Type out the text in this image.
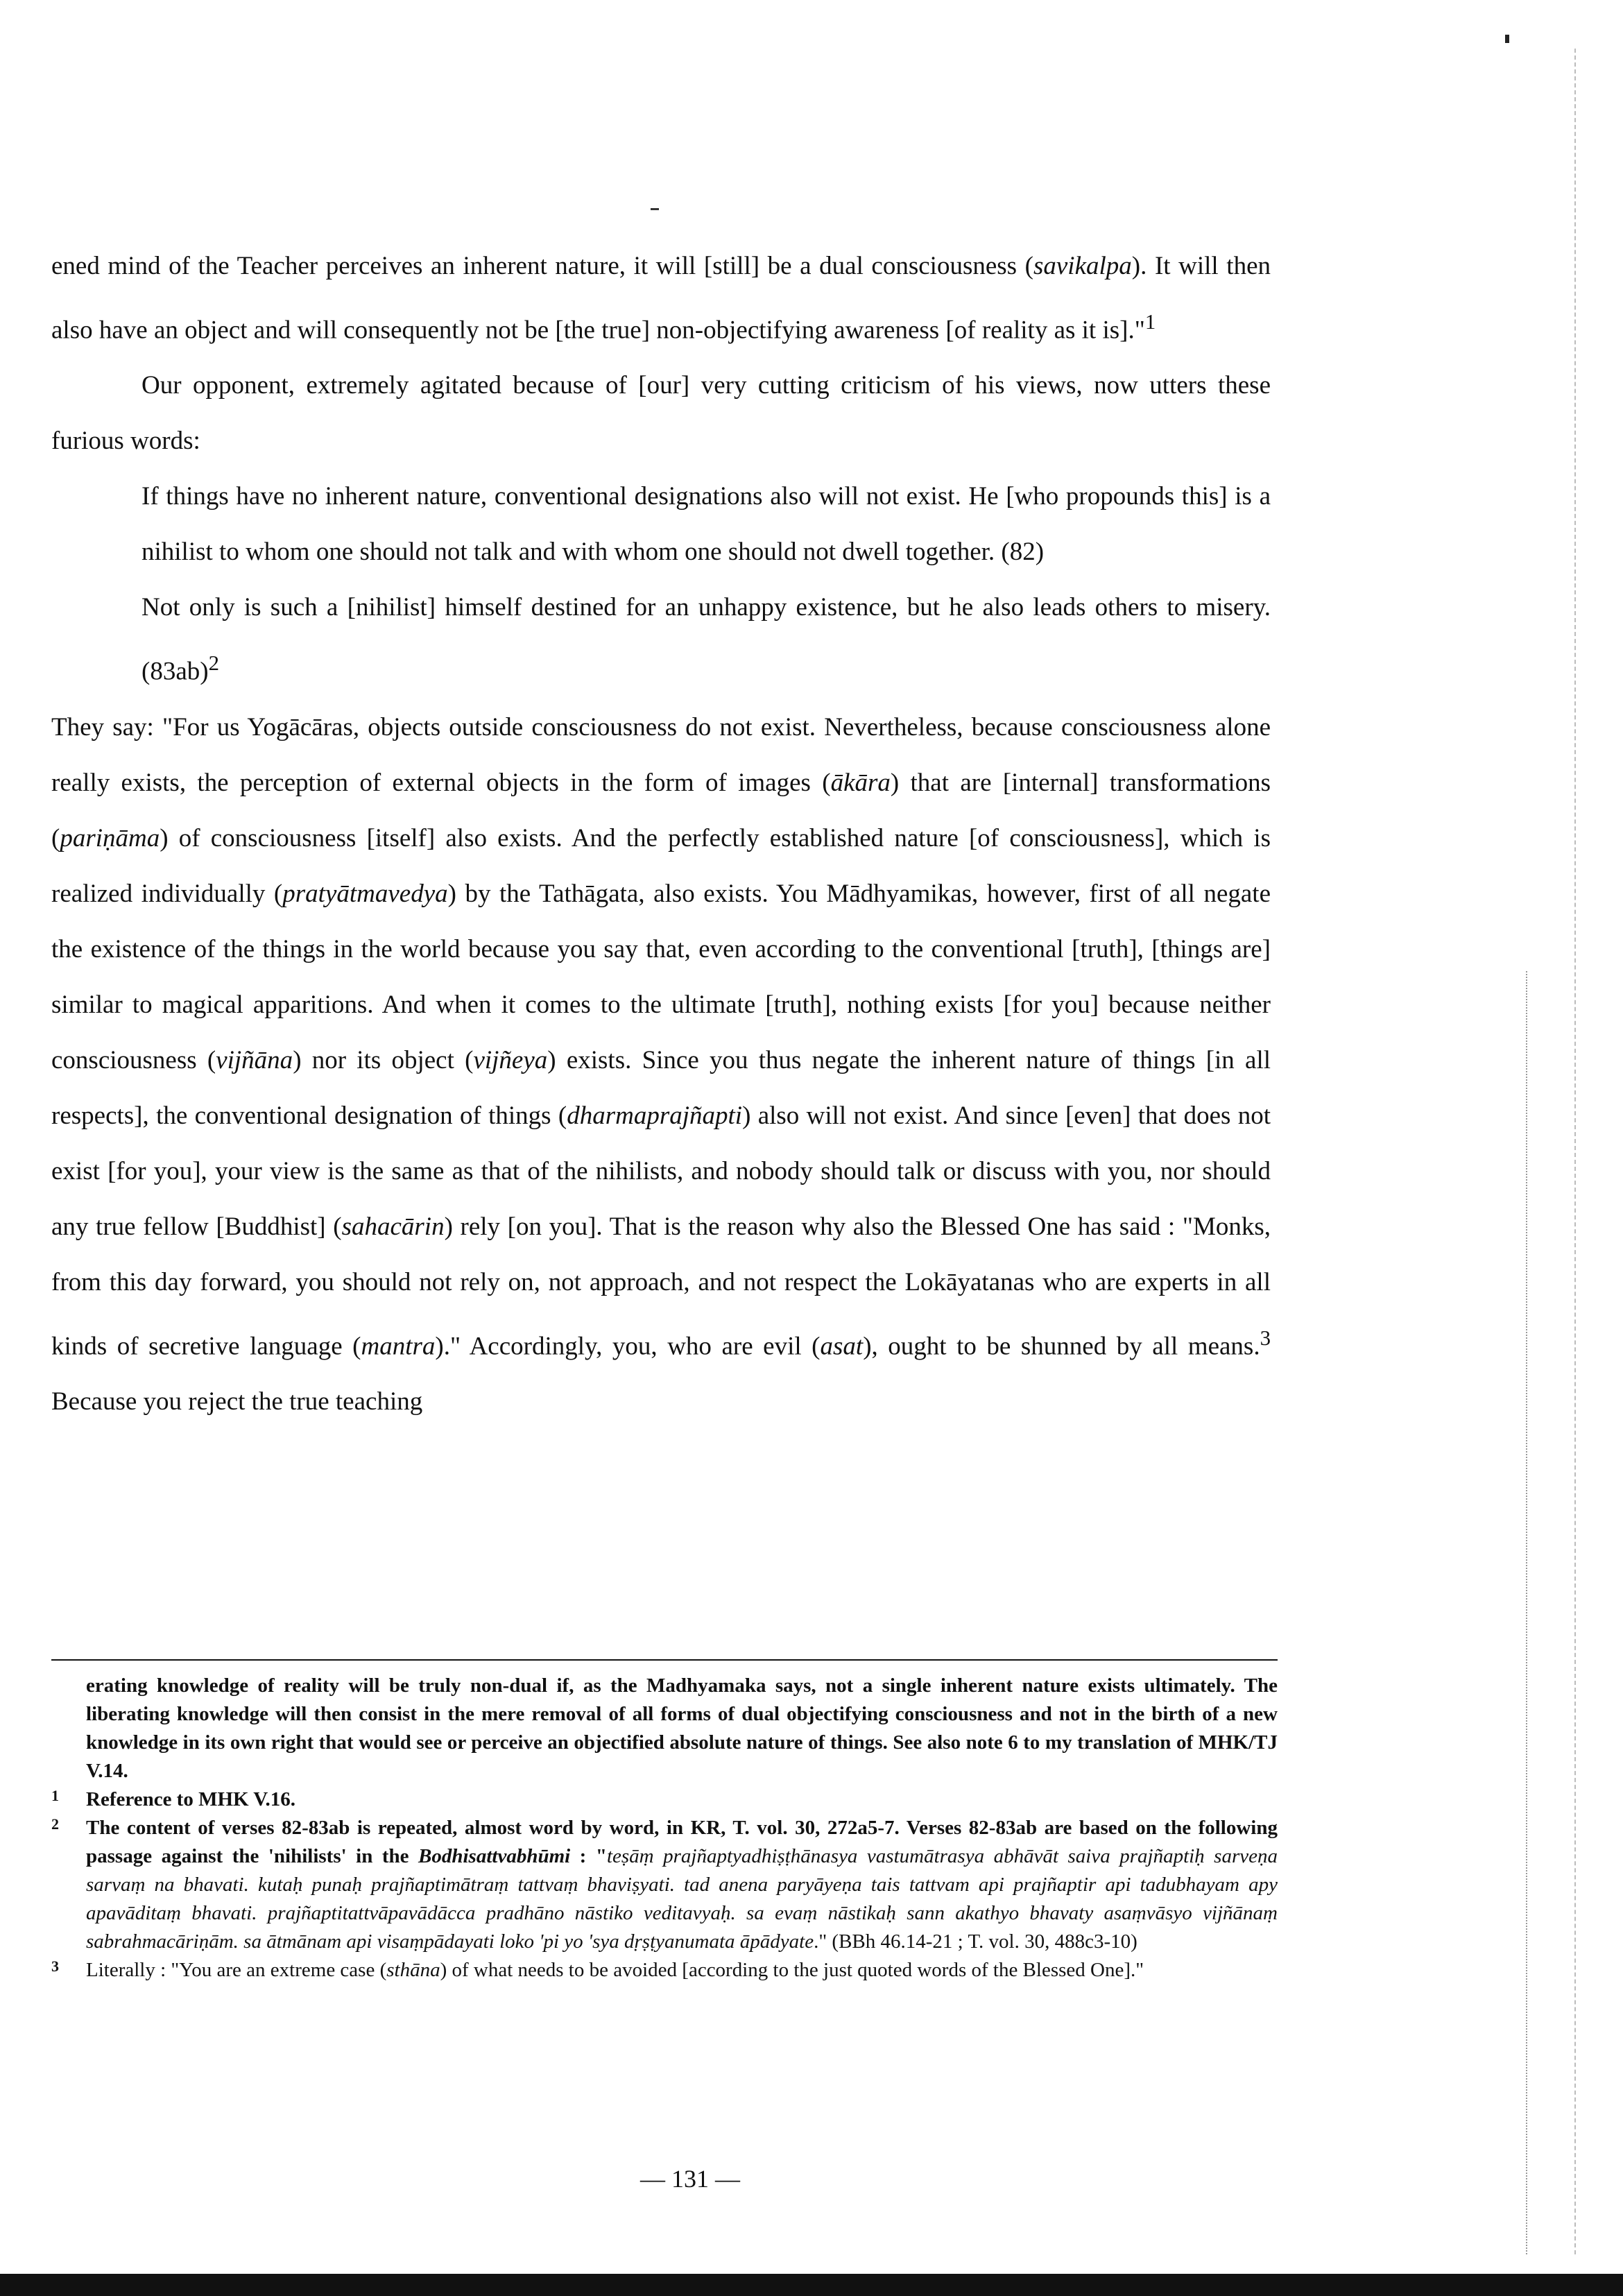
ened mind of the Teacher perceives an inherent nature, it will [still] be a dual consciousness (savikalpa). It will then also have an object and will consequently not be [the true] non-objectifying awareness [of reality as it is]."$^1$

Our opponent, extremely agitated because of [our] very cutting criticism of his views, now utters these furious words:

If things have no inherent nature, conventional designations also will not exist. He [who propounds this] is a nihilist to whom one should not talk and with whom one should not dwell together. (82)

Not only is such a [nihilist] himself destined for an unhappy existence, but he also leads others to misery. $(83ab)^2$

They say: "For us Yogācāras, objects outside consciousness do not exist. Nevertheless, because consciousness alone really exists, the perception of external objects in the form of images (ākāra) that are [internal] transformations (pariṇāma) of consciousness [itself] also exists. And the perfectly established nature [of consciousness], which is realized individually (pratyātmavedya) by the Tathāgata, also exists. You Mādhyamikas, however, first of all negate the existence of the things in the world because you say that, even according to the conventional [truth], [things are] similar to magical apparitions. And when it comes to the ultimate [truth], nothing exists [for you] because neither consciousness (vijñāna) nor its object (vijñeya) exists. Since you thus negate the inherent nature of things [in all respects], the conventional designation of things (dharmaprajñapti) also will not exist. And since [even] that does not exist [for you], your view is the same as that of the nihilists, and nobody should talk or discuss with you, nor should any true fellow [Buddhist] (sahacārin) rely [on you]. That is the reason why also the Blessed One has said : "Monks, from this day forward, you should not rely on, not approach, and not respect the Lokāyatanas who are experts in all kinds of secretive language (mantra)." Accordingly, you, who are evil (asat), ought to be shunned by all means.$^3$ Because you reject the true teaching

erating knowledge of reality will be truly non-dual if, as the Madhyamaka says, not a single inherent nature exists ultimately. The liberating knowledge will then consist in the mere removal of all forms of dual objectifying consciousness and not in the birth of a new knowledge in its own right that would see or perceive an objectified absolute nature of things. See also note 6 to my translation of MHK/TJ V.14.

1 Reference to MHK V.16.

2 The content of verses 82-83ab is repeated, almost word by word, in KR, T. vol. 30, 272a5-7. Verses 82-83ab are based on the following passage against the 'nihilists' in the Bodhisattvabhūmi : "teṣāṃ prajñaptyadhiṣṭhānasya vastumātrasya abhāvāt saiva prajñaptiḥ sarveṇa sarvaṃ na bhavati. kutaḥ punaḥ prajñaptimātraṃ tattvaṃ bhaviṣyati. tad anena paryāyeṇa tais tattvam api prajñaptir api tadubhayam apy apavāditaṃ bhavati. prajñaptitattvāpavādācca pradhāno nāstiko veditavyaḥ. sa evaṃ nāstikaḥ sann akathyo bhavaty asaṃvāsyo vijñānaṃ sabrahmacāriṇām. sa ātmānam api visaṃpādayati loko 'pi yo 'sya dṛṣṭyanumata āpādyate." (BBh 46.14-21 ; T. vol. 30, 488c3-10)

3 Literally : "You are an extreme case (sthāna) of what needs to be avoided [according to the just quoted words of the Blessed One]."

— 131 —
